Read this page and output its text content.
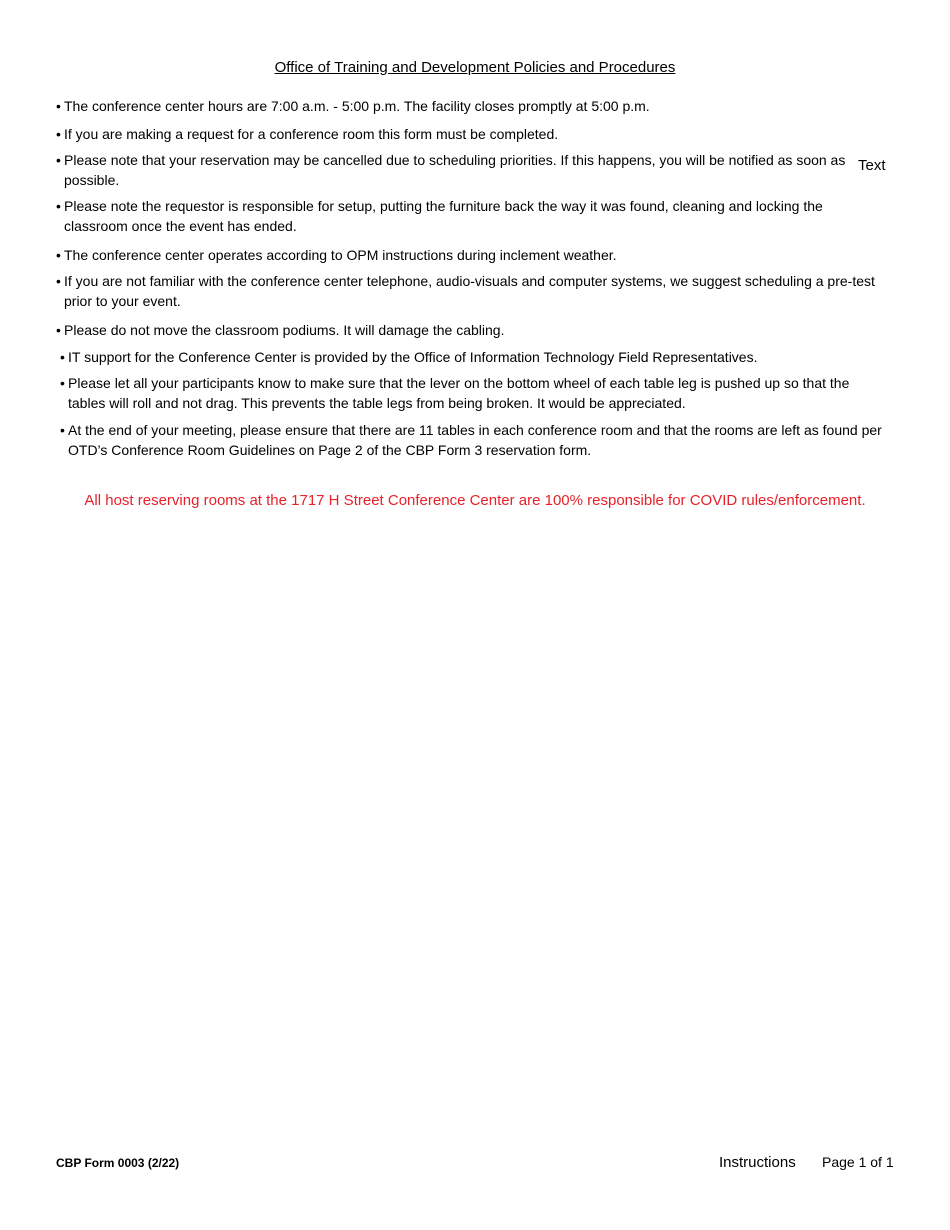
Office of Training and Development Policies and Procedures
Text
• The conference center hours are 7:00 a.m. - 5:00 p.m. The facility closes promptly at 5:00 p.m.
• If you are making a request for a conference room this form must be completed.
• Please note that your reservation may be cancelled due to scheduling priorities. If this happens, you will be notified as soon as possible.
• Please note the requestor is responsible for setup, putting the furniture back the way it was found, cleaning and locking the classroom once the event has ended.
• The conference center operates according to OPM instructions during inclement weather.
• If you are not familiar with the conference center telephone, audio-visuals and computer systems, we suggest scheduling a pre-test prior to your event.
• Please do not move the classroom podiums. It will damage the cabling.
• IT support for the Conference Center is provided by the Office of Information Technology Field Representatives.
• Please let all your participants know to make sure that the lever on the bottom wheel of each table leg is pushed up so that the tables will roll and not drag. This prevents the table legs from being broken. It would be appreciated.
• At the end of your meeting, please ensure that there are 11 tables in each conference room and that the rooms are left as found per OTD’s Conference Room Guidelines on Page 2 of the CBP Form 3 reservation form.
All host reserving rooms at the 1717 H Street Conference Center are 100% responsible for COVID rules/enforcement.
CBP Form 0003 (2/22)	Instructions Page 1 of 1
